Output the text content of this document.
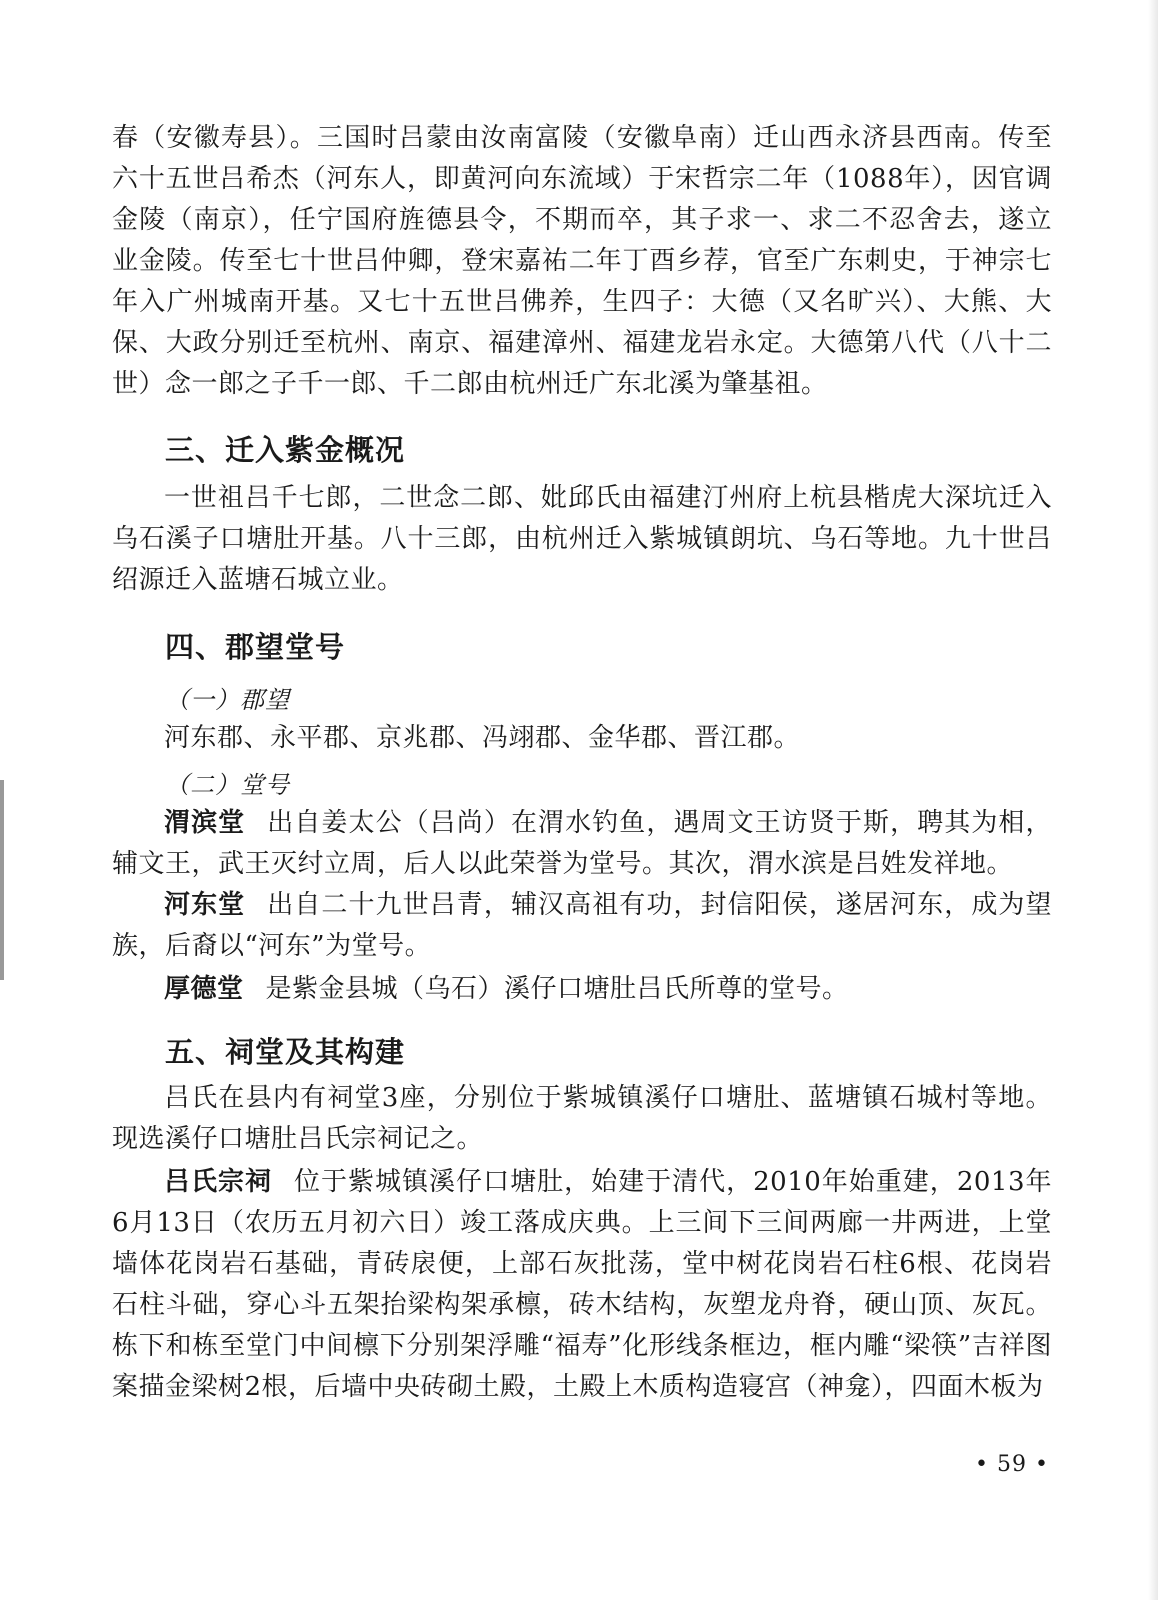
春（安徽寿县）。三国时吕蒙由汝南富陵（安徽阜南）迁山西永济县西南。传至六十五世吕希杰（河东人，即黄河向东流域）于宋哲宗二年（1088年），因官调金陵（南京），任宁国府旌德县令，不期而卒，其子求一、求二不忍舍去，遂立业金陵。传至七十世吕仲卿，登宋嘉祐二年丁酉乡荐，官至广东刺史，于神宗七年入广州城南开基。又七十五世吕佛养，生四子：大德（又名旷兴）、大熊、大保、大政分别迁至杭州、南京、福建漳州、福建龙岩永定。大德第八代（八十二世）念一郎之子千一郎、千二郎由杭州迁广东北溪为肇基祖。

三、迁入紫金概况

一世祖吕千七郎，二世念二郎、妣邱氏由福建汀州府上杭县楷虎大深坑迁入乌石溪子口塘肚开基。八十三郎，由杭州迁入紫城镇朗坑、乌石等地。九十世吕绍源迁入蓝塘石城立业。

四、郡望堂号

（一）郡望

河东郡、永平郡、京兆郡、冯翊郡、金华郡、晋江郡。

（二）堂号

渭滨堂 出自姜太公（吕尚）在渭水钓鱼，遇周文王访贤于斯，聘其为相，辅文王，武王灭纣立周，后人以此荣誉为堂号。其次，渭水滨是吕姓发祥地。

河东堂 出自二十九世吕青，辅汉高祖有功，封信阳侯，遂居河东，成为望族，后裔以“河东”为堂号。

厚德堂 是紫金县城（乌石）溪仔口塘肚吕氏所尊的堂号。

五、祠堂及其构建

吕氏在县内有祠堂3座，分别位于紫城镇溪仔口塘肚、蓝塘镇石城村等地。现选溪仔口塘肚吕氏宗祠记之。

吕氏宗祠 位于紫城镇溪仔口塘肚，始建于清代，2010年始重建，2013年6月13日（农历五月初六日）竣工落成庆典。上三间下三间两廊一井两进，上堂墙体花岗岩石基础，青砖扆便，上部石灰批荡，堂中树花岗岩石柱6根、花岗岩石柱斗础，穿心斗五架抬梁构架承檩，砖木结构，灰塑龙舟脊，硬山顶、灰瓦。栋下和栋至堂门中间檩下分别架浮雕“福寿”化形线条框边，框内雕“梁筷”吉祥图案描金梁树2根，后墙中央砖砌土殿，土殿上木质构造寝宫（神龛），四面木板为

• 59 •
